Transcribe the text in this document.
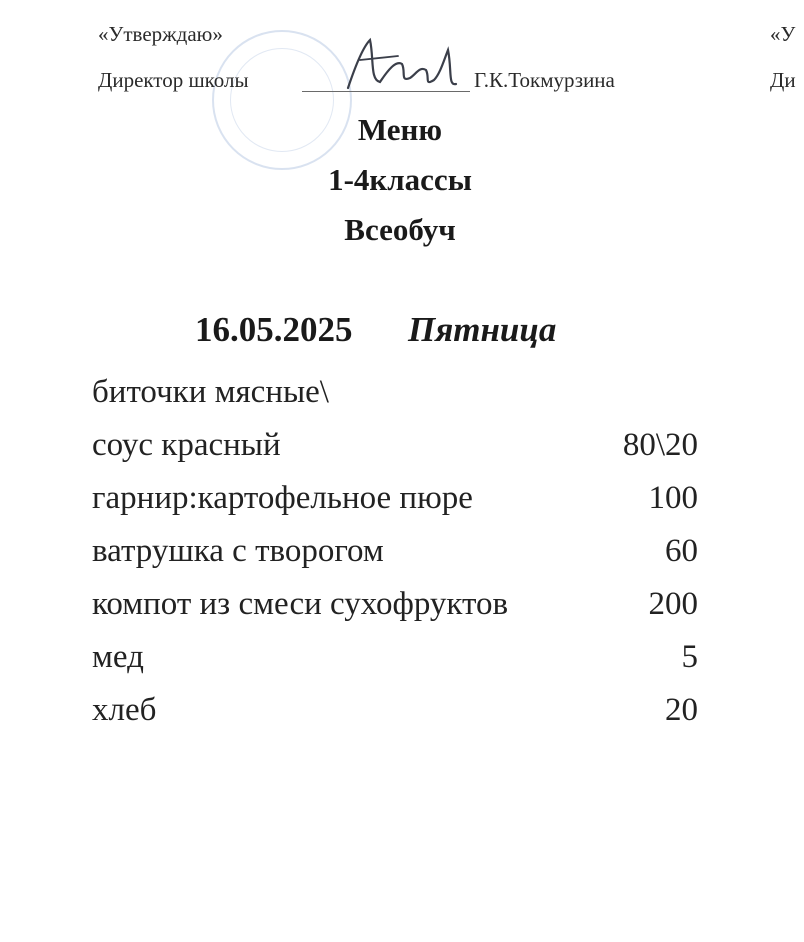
«Утверждаю»	«У
Директор школы	Г.К.Токмурзина	Ди
Меню
1-4классы
Всеобуч
16.05.2025 Пятница
биточки мясные\
соус красный	80\20
гарнир:картофельное пюре	100
ватрушка с творогом	60
компот из смеси сухофруктов	200
мед	5
хлеб	20
